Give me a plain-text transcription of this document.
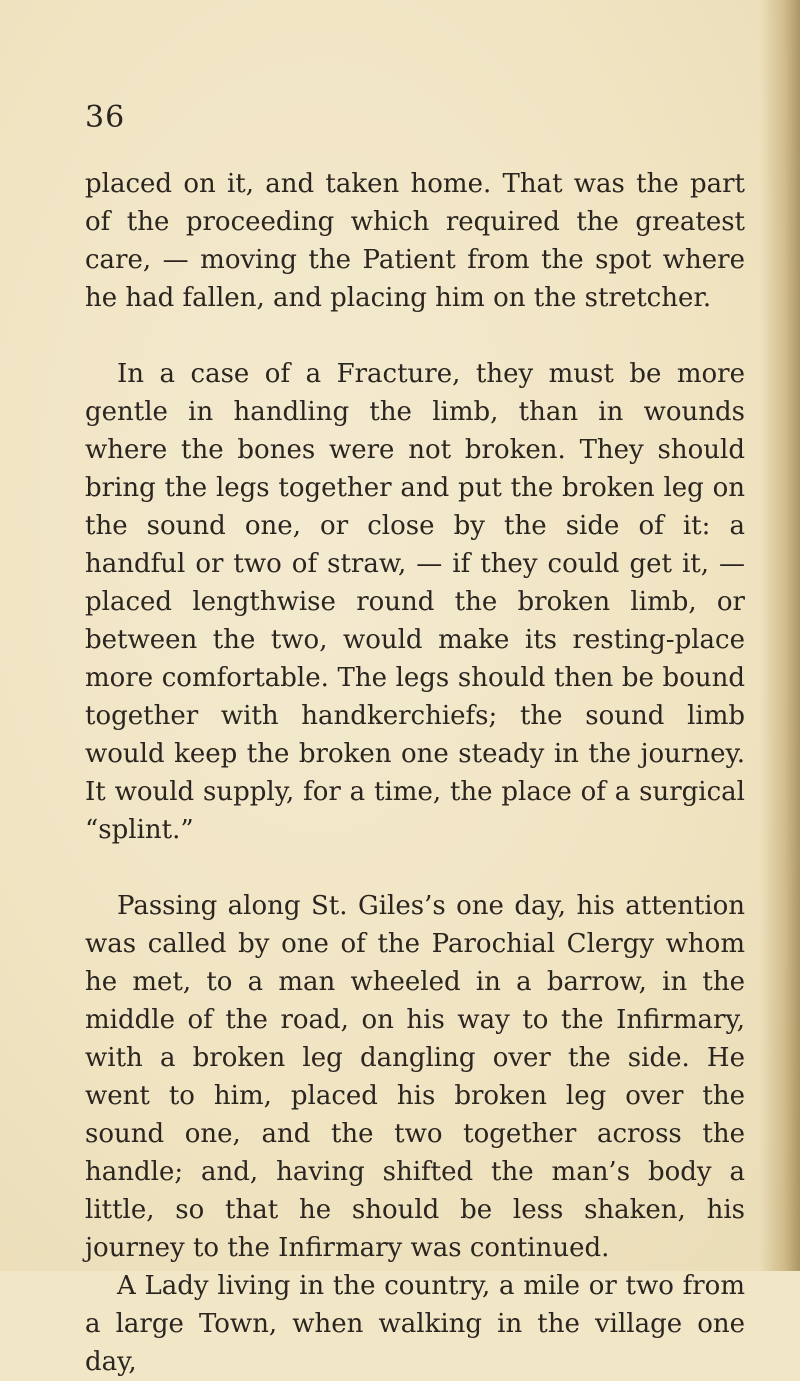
36

placed on it, and taken home. That was the part of the proceeding which required the greatest care, — moving the Patient from the spot where he had fallen, and placing him on the stretcher.

In a case of a Fracture, they must be more gentle in handling the limb, than in wounds where the bones were not broken. They should bring the legs together and put the broken leg on the sound one, or close by the side of it: a handful or two of straw, — if they could get it, — placed lengthwise round the broken limb, or between the two, would make its resting-place more comfortable. The legs should then be bound together with handkerchiefs; the sound limb would keep the broken one steady in the journey. It would supply, for a time, the place of a surgical “splint.”

Passing along St. Giles’s one day, his attention was called by one of the Parochial Clergy whom he met, to a man wheeled in a barrow, in the middle of the road, on his way to the Infirmary, with a broken leg dangling over the side. He went to him, placed his broken leg over the sound one, and the two together across the handle; and, having shifted the man’s body a little, so that he should be less shaken, his journey to the Infirmary was continued.

A Lady living in the country, a mile or two from a large Town, when walking in the village one day,
